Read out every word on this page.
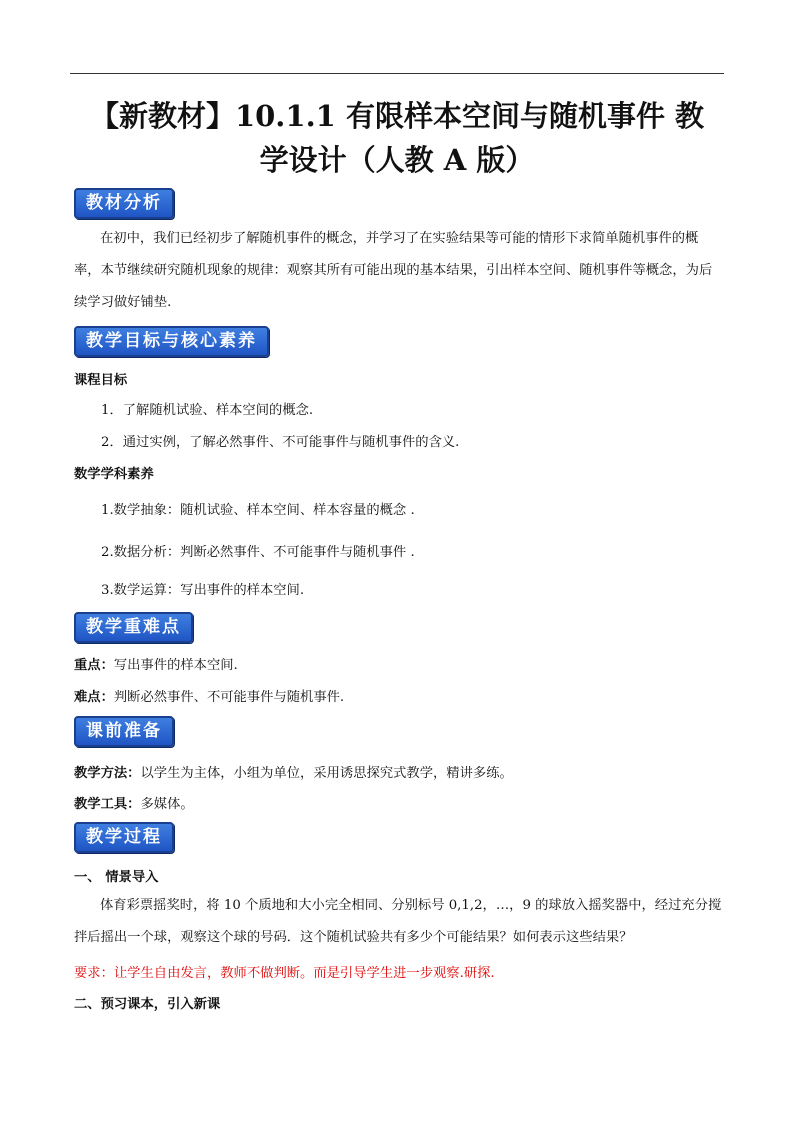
【新教材】10.1.1 有限样本空间与随机事件 教
学设计（人教 A 版）
教材分析
在初中，我们已经初步了解随机事件的概念，并学习了在实验结果等可能的情形下求简单随机事件的概率，本节继续研究随机现象的规律：观察其所有可能出现的基本结果，引出样本空间、随机事件等概念，为后续学习做好铺垫.
教学目标与核心素养
课程目标
1．了解随机试验、样本空间的概念.
2．通过实例，了解必然事件、不可能事件与随机事件的含义.
数学学科素养
1.数学抽象：随机试验、样本空间、样本容量的概念 .
2.数据分析：判断必然事件、不可能事件与随机事件 .
3.数学运算：写出事件的样本空间.
教学重难点
重点：写出事件的样本空间.
难点：判断必然事件、不可能事件与随机事件.
课前准备
教学方法：以学生为主体，小组为单位，采用诱思探究式教学，精讲多练。
教学工具：多媒体。
教学过程
一、 情景导入
体育彩票摇奖时，将 10 个质地和大小完全相同、分别标号 0,1,2，…，9 的球放入摇奖器中，经过充分搅拌后摇出一个球，观察这个球的号码．这个随机试验共有多少个可能结果？如何表示这些结果？
要求：让学生自由发言，教师不做判断。而是引导学生进一步观察.研探.
二、预习课本，引入新课
